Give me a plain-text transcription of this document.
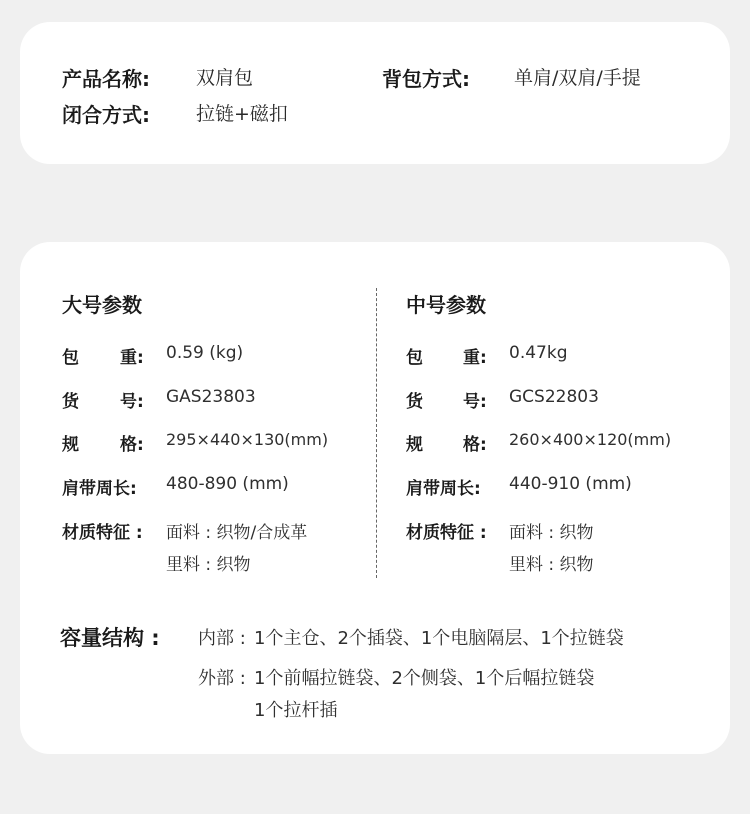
产品名称: 双肩包	背包方式: 单肩/双肩/手提
闭合方式: 拉链+磁扣
大号参数
包 重: 0.59 (kg)
货 号: GAS23803
规 格: 295×440×130(mm)
肩带周长: 480-890 (mm)
材质特征 : 面料 : 织物/合成革
里料 : 织物
中号参数
包 重: 0.47kg
货 号: GCS22803
规 格: 260×400×120(mm)
肩带周长: 440-910 (mm)
材质特征 : 面料 : 织物
里料 : 织物
容量结构 : 内部 : 1个主仓、2个插袋、1个电脑隔层、1个拉链袋
外部 : 1个前幅拉链袋、2个侧袋、1个后幅拉链袋
1个拉杆插
